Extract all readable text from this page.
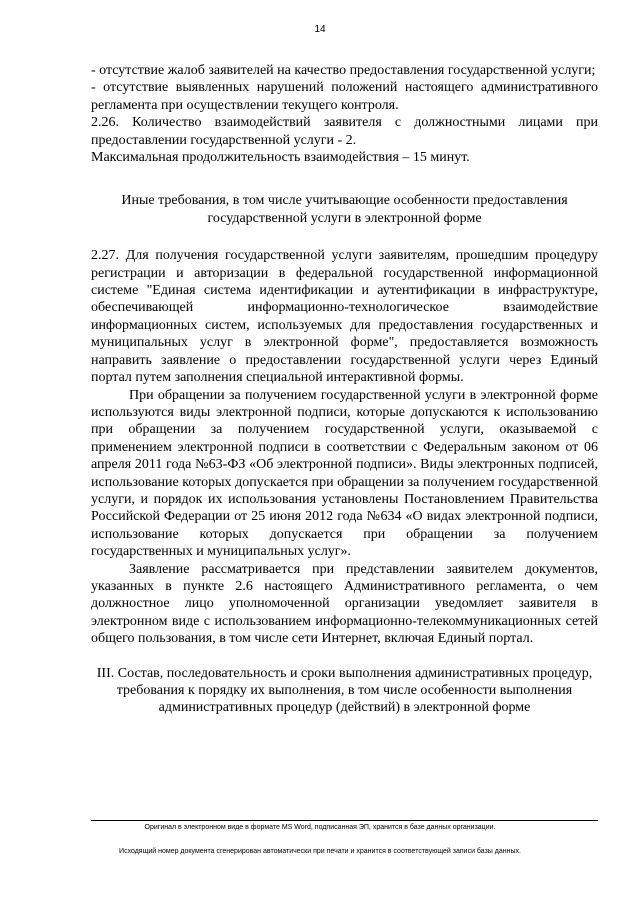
14

- отсутствие жалоб заявителей на качество предоставления государственной услуги;

- отсутствие выявленных нарушений положений настоящего административного регламента при осуществлении текущего контроля.

2.26. Количество взаимодействий заявителя с должностными лицами при предоставлении государственной услуги - 2.

Максимальная продолжительность взаимодействия – 15 минут.

Иные требования, в том числе учитывающие особенности предоставления государственной услуги в электронной форме

2.27. Для получения государственной услуги заявителям, прошедшим процедуру регистрации и авторизации в федеральной государственной информационной системе "Единая система идентификации и аутентификации в инфраструктуре, обеспечивающей информационно-технологическое взаимодействие информационных систем, используемых для предоставления государственных и муниципальных услуг в электронной форме", предоставляется возможность направить заявление о предоставлении государственной услуги через Единый портал путем заполнения специальной интерактивной формы.

При обращении за получением государственной услуги в электронной форме используются виды электронной подписи, которые допускаются к использованию при обращении за получением государственной услуги, оказываемой с применением электронной подписи в соответствии с Федеральным законом от 06 апреля 2011 года №63-ФЗ «Об электронной подписи». Виды электронных подписей, использование которых допускается при обращении за получением государственной услуги, и порядок их использования установлены Постановлением Правительства Российской Федерации от 25 июня 2012 года №634 «О видах электронной подписи, использование которых допускается при обращении за получением государственных и муниципальных услуг».

Заявление рассматривается при представлении заявителем документов, указанных в пункте 2.6 настоящего Административного регламента, о чем должностное лицо уполномоченной организации уведомляет заявителя в электронном виде с использованием информационно-телекоммуникационных сетей общего пользования, в том числе сети Интернет, включая Единый портал.

III. Состав, последовательность и сроки выполнения административных процедур, требования к порядку их выполнения, в том числе особенности выполнения административных процедур (действий) в электронной форме

Оригинал в электронном виде в формате MS Word, подписанная ЭП, хранится в базе данных организации.
Исходящий номер документа сгенерирован автоматически при печати и хранится в соответствующей записи базы данных.
